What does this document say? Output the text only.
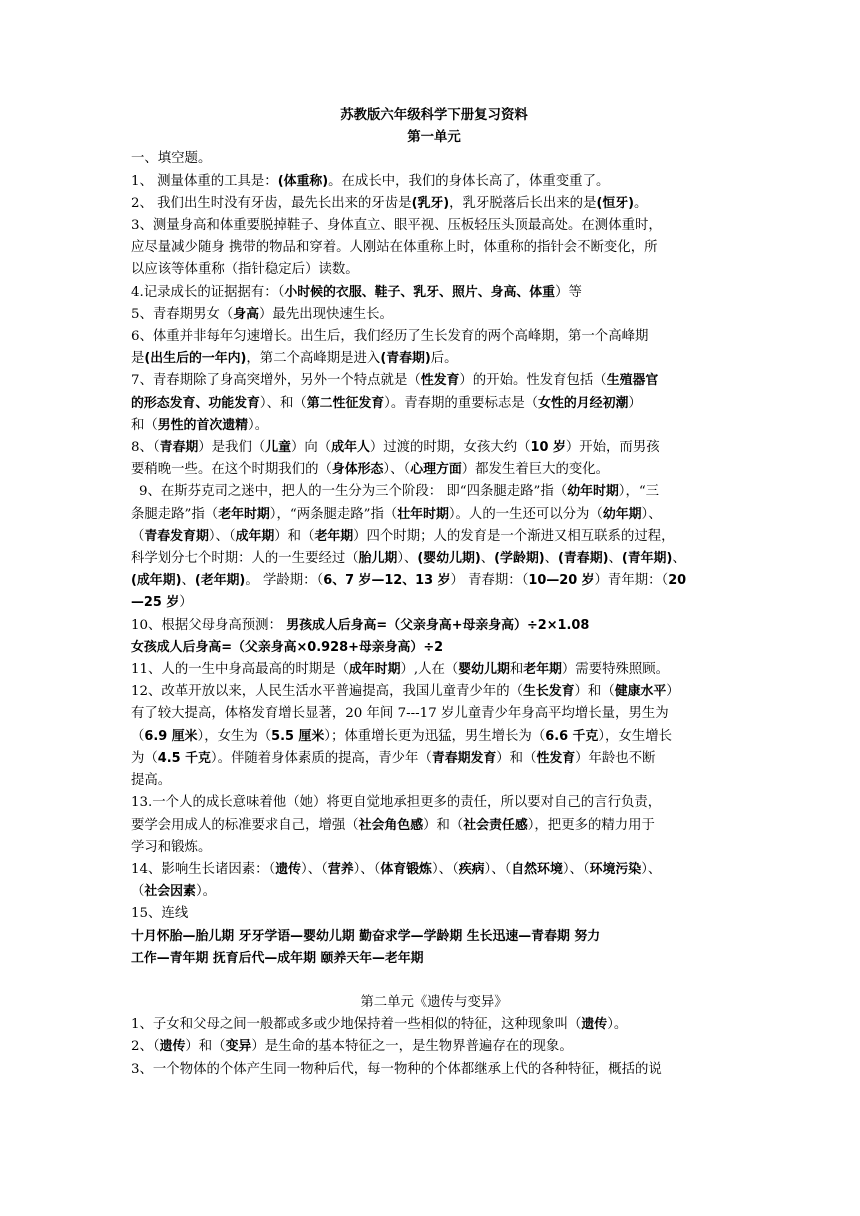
苏教版六年级科学下册复习资料
第一单元
一、填空题。
1、 测量体重的工具是：(体重称)。在成长中，我们的身体长高了，体重变重了。
2、 我们出生时没有牙齿，最先长出来的牙齿是(乳牙)，乳牙脱落后长出来的是(恒牙)。
3、测量身高和体重要脱掉鞋子、身体直立、眼平视、压板轻压头顶最高处。在测体重时，
应尽量减少随身 携带的物品和穿着。人刚站在体重称上时，体重称的指针会不断变化，所
以应该等体重称（指针稳定后）读数。
4.记录成长的证据据有：（小时候的衣服、鞋子、乳牙、照片、身高、体重）等
5、青春期男女（身高）最先出现快速生长。
6、体重并非每年匀速增长。出生后，我们经历了生长发育的两个高峰期，第一个高峰期
是(出生后的一年内)，第二个高峰期是进入(青春期)后。
7、青春期除了身高突增外，另外一个特点就是（性发育）的开始。性发育包括（生殖器官
的形态发育、功能发育）、和（第二性征发育）。青春期的重要标志是（女性的月经初潮）
和（男性的首次遗精）。
8、（青春期）是我们（儿童）向（成年人）过渡的时期，女孩大约（10 岁）开始，而男孩
要稍晚一些。在这个时期我们的（身体形态）、（心理方面）都发生着巨大的变化。
9、在斯芬克司之迷中，把人的一生分为三个阶段： 即“四条腿走路”指（幼年时期），“三
条腿走路”指（老年时期），“两条腿走路”指（壮年时期）。人的一生还可以分为（幼年期）、
（青春发育期）、（成年期）和（老年期）四个时期；人的发育是一个渐进又相互联系的过程，
科学划分七个时期：人的一生要经过（胎儿期）、(婴幼儿期)、(学龄期)、(青春期)、(青年期)、
(成年期)、(老年期)。 学龄期：（6、7 岁—12、13 岁） 青春期：（10—20 岁）青年期：（20
—25 岁）
10、根据父母身高预测： 男孩成人后身高=（父亲身高+母亲身高）÷2×1.08
女孩成人后身高=（父亲身高×0.928+母亲身高）÷2
11、人的一生中身高最高的时期是（成年时期）,人在（婴幼儿期和老年期）需要特殊照顾。
12、改革开放以来，人民生活水平普遍提高，我国儿童青少年的（生长发育）和（健康水平）
有了较大提高，体格发育增长显著，20 年间 7---17 岁儿童青少年身高平均增长量，男生为
（6.9 厘米），女生为（5.5 厘米）；体重增长更为迅猛，男生增长为（6.6 千克），女生增长
为（4.5 千克）。伴随着身体素质的提高，青少年（青春期发育）和（性发育）年龄也不断
提高。
13.一个人的成长意味着他（她）将更自觉地承担更多的责任，所以要对自己的言行负责，
要学会用成人的标准要求自己，增强（社会角色感）和（社会责任感），把更多的精力用于
学习和锻炼。
14、影响生长诸因素：（遗传）、（营养）、（体育锻炼）、（疾病）、（自然环境）、（环境污染）、
（社会因素）。
15、连线
十月怀胎—胎儿期 牙牙学语—婴幼儿期 勤奋求学—学龄期 生长迅速—青春期 努力
工作—青年期 抚育后代—成年期 颐养天年—老年期
第二单元《遗传与变异》
1、子女和父母之间一般都或多或少地保持着一些相似的特征，这种现象叫（遗传）。
2、（遗传）和（变异）是生命的基本特征之一，是生物界普遍存在的现象。
3、一个物体的个体产生同一物种后代，每一物种的个体都继承上代的各种特征，概括的说
